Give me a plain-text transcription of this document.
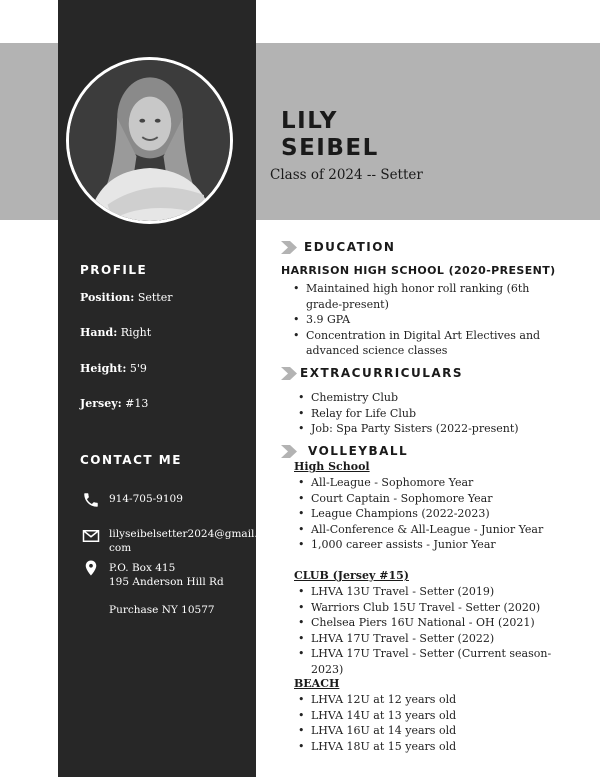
LILY
SEIBEL
Class of 2024 -- Setter
PROFILE
Position: Setter
Hand: Right
Height: 5'9
Jersey: #13
CONTACT ME
914-705-9109
lilyseibelsetter2024@gmail.
com
P.O. Box 415
195 Anderson Hill Rd
Purchase NY 10577
EDUCATION
HARRISON HIGH SCHOOL (2020-PRESENT)
• Maintained high honor roll ranking (6th grade-present)
• 3.9 GPA
• Concentration in Digital Art Electives and advanced science classes
EXTRACURRICULARS
• Chemistry Club
• Relay for Life Club
• Job: Spa Party Sisters (2022-present)
VOLLEYBALL
High School
• All-League - Sophomore Year
• Court Captain - Sophomore Year
• League Champions (2022-2023)
• All-Conference & All-League - Junior Year
• 1,000 career assists - Junior Year
CLUB (Jersey #15)
• LHVA 13U Travel - Setter (2019)
• Warriors Club 15U Travel - Setter (2020)
• Chelsea Piers 16U National - OH (2021)
• LHVA 17U Travel - Setter (2022)
• LHVA 17U Travel - Setter (Current season- 2023)
BEACH
• LHVA 12U at 12 years old
• LHVA 14U at 13 years old
• LHVA 16U at 14 years old
• LHVA 18U at 15 years old
